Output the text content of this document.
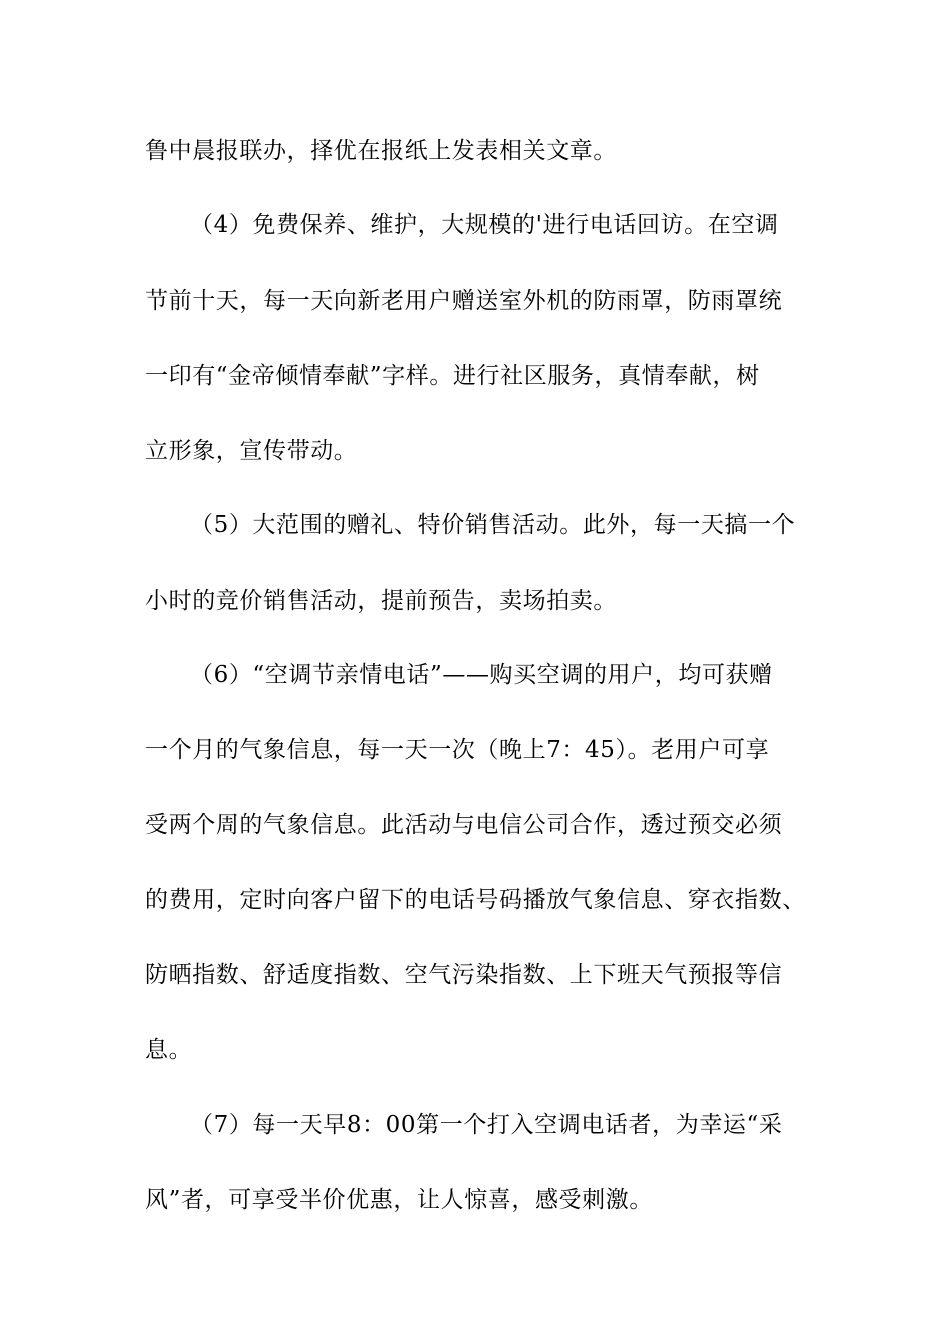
鲁中晨报联办，择优在报纸上发表相关文章。

（4）免费保养、维护，大规模的'进行电话回访。在空调

节前十天，每一天向新老用户赠送室外机的防雨罩，防雨罩统

一印有“金帝倾情奉献”字样。进行社区服务，真情奉献，树

立形象，宣传带动。

（5）大范围的赠礼、特价销售活动。此外，每一天搞一个

小时的竞价销售活动，提前预告，卖场拍卖。

（6）“空调节亲情电话”——购买空调的用户，均可获赠

一个月的气象信息，每一天一次（晚上7：45）。老用户可享

受两个周的气象信息。此活动与电信公司合作，透过预交必须

的费用，定时向客户留下的电话号码播放气象信息、穿衣指数、

防晒指数、舒适度指数、空气污染指数、上下班天气预报等信

息。

（7）每一天早8：00第一个打入空调电话者，为幸运“采

风”者，可享受半价优惠，让人惊喜，感受刺激。
